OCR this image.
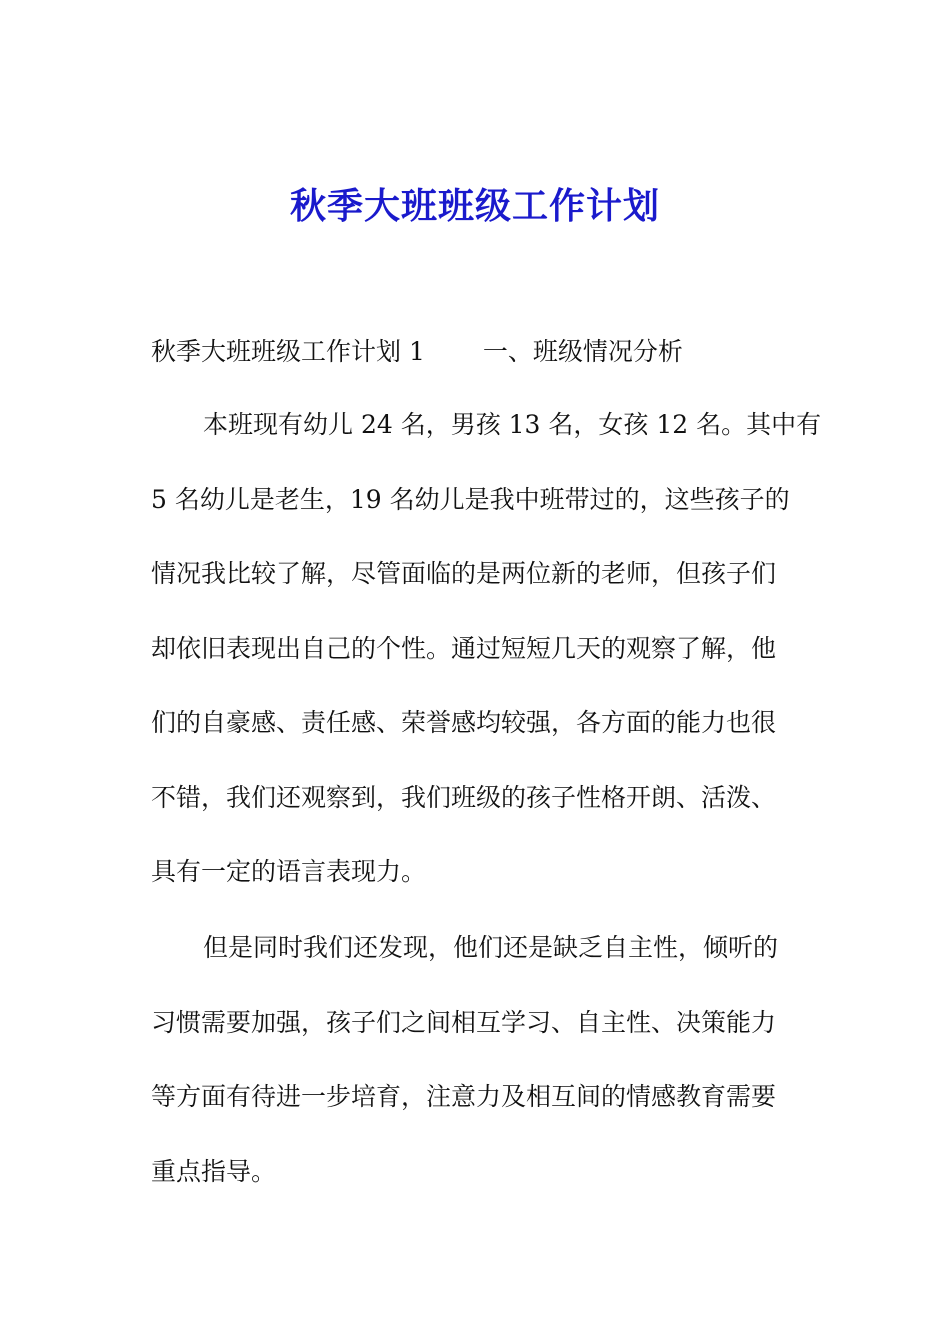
秋季大班班级工作计划

秋季大班班级工作计划 1 一、班级情况分析

本班现有幼儿 24 名，男孩 13 名，女孩 12 名。其中有
5 名幼儿是老生，19 名幼儿是我中班带过的，这些孩子的
情况我比较了解，尽管面临的是两位新的老师，但孩子们
却依旧表现出自己的个性。通过短短几天的观察了解，他
们的自豪感、责任感、荣誉感均较强，各方面的能力也很
不错，我们还观察到，我们班级的孩子性格开朗、活泼、
具有一定的语言表现力。
但是同时我们还发现，他们还是缺乏自主性，倾听的
习惯需要加强，孩子们之间相互学习、自主性、决策能力
等方面有待进一步培育，注意力及相互间的情感教育需要
重点指导。
